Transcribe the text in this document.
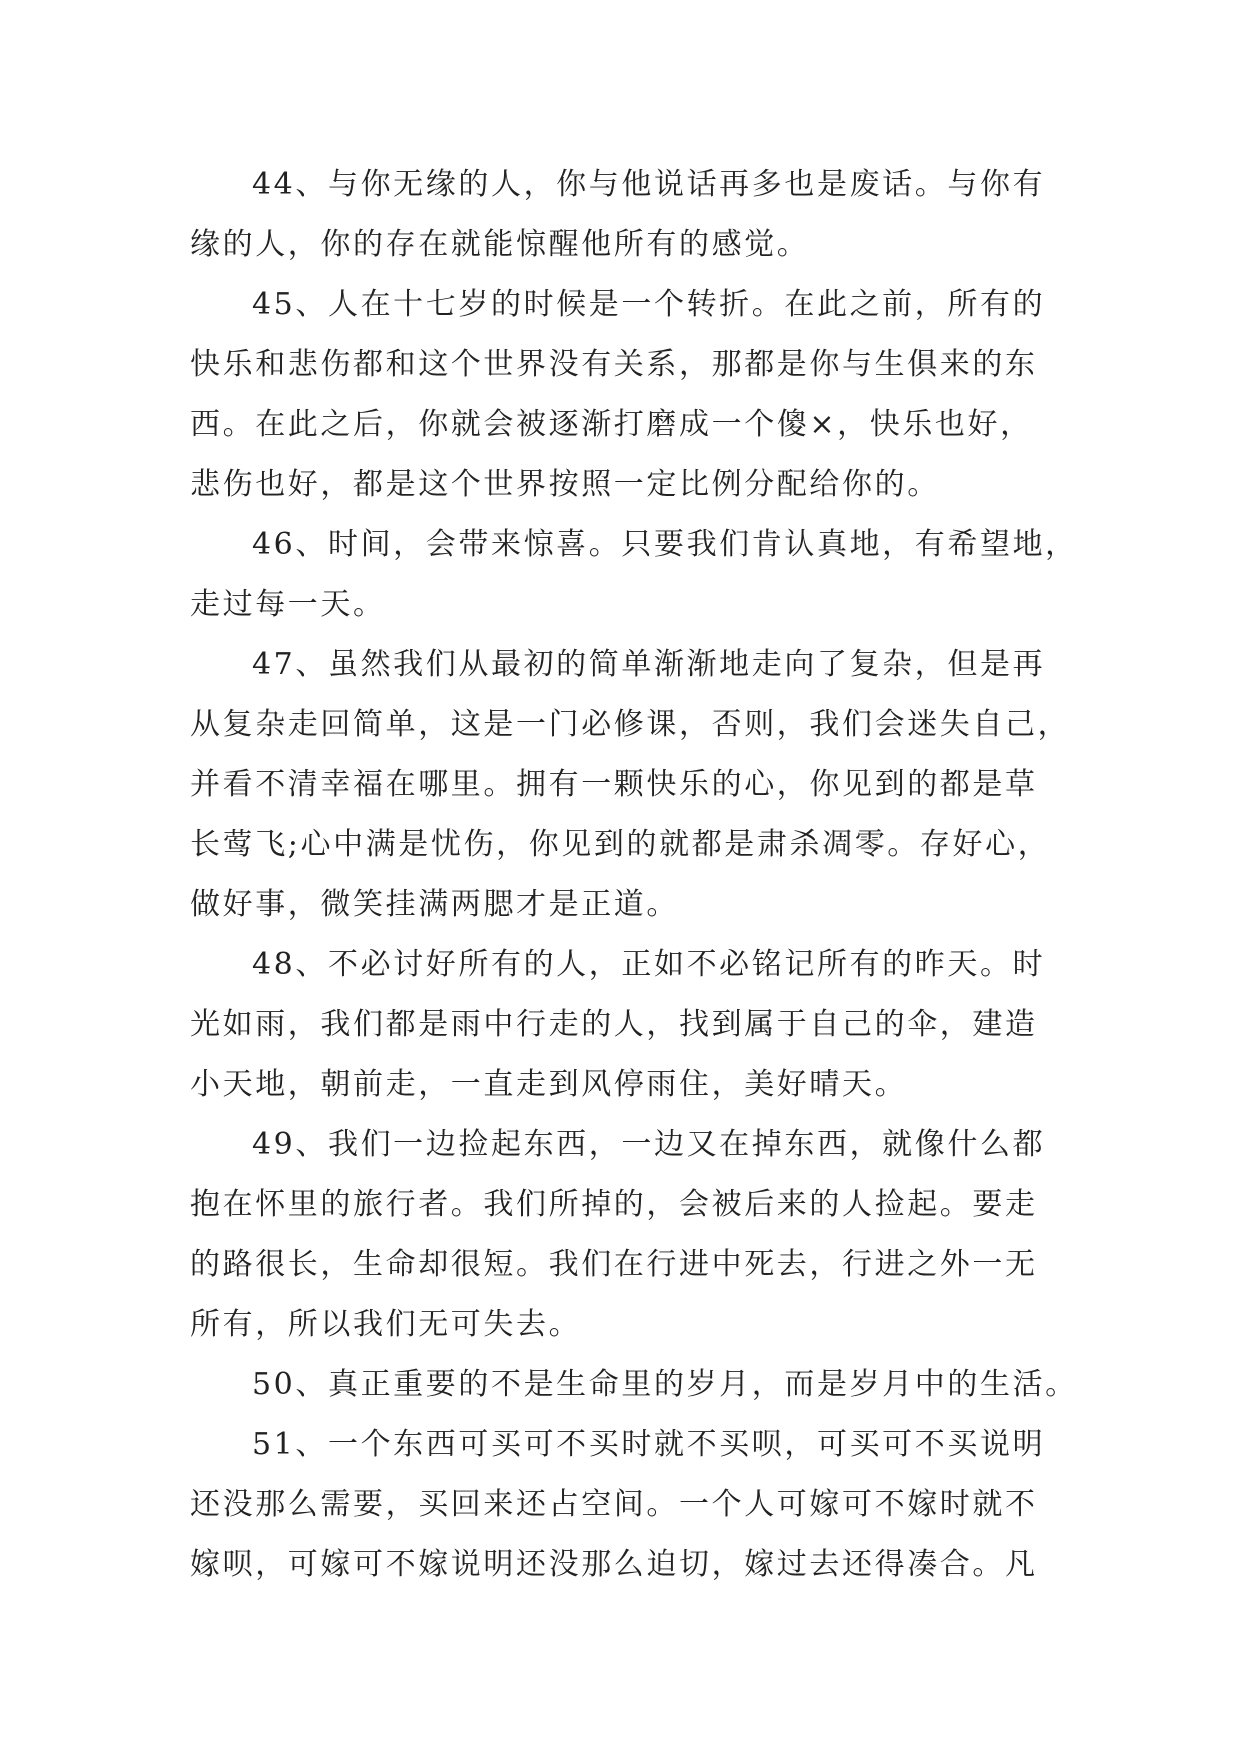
44、与你无缘的人，你与他说话再多也是废话。与你有
缘的人，你的存在就能惊醒他所有的感觉。
45、人在十七岁的时候是一个转折。在此之前，所有的
快乐和悲伤都和这个世界没有关系，那都是你与生俱来的东
西。在此之后，你就会被逐渐打磨成一个傻×，快乐也好，
悲伤也好，都是这个世界按照一定比例分配给你的。
46、时间，会带来惊喜。只要我们肯认真地，有希望地，
走过每一天。
47、虽然我们从最初的简单渐渐地走向了复杂，但是再
从复杂走回简单，这是一门必修课，否则，我们会迷失自己，
并看不清幸福在哪里。拥有一颗快乐的心，你见到的都是草
长莺飞;心中满是忧伤，你见到的就都是肃杀凋零。存好心，
做好事，微笑挂满两腮才是正道。
48、不必讨好所有的人，正如不必铭记所有的昨天。时
光如雨，我们都是雨中行走的人，找到属于自己的伞，建造
小天地，朝前走，一直走到风停雨住，美好晴天。
49、我们一边捡起东西，一边又在掉东西，就像什么都
抱在怀里的旅行者。我们所掉的，会被后来的人捡起。要走
的路很长，生命却很短。我们在行进中死去，行进之外一无
所有，所以我们无可失去。
50、真正重要的不是生命里的岁月，而是岁月中的生活。
51、一个东西可买可不买时就不买呗，可买可不买说明
还没那么需要，买回来还占空间。一个人可嫁可不嫁时就不
嫁呗，可嫁可不嫁说明还没那么迫切，嫁过去还得凑合。凡
